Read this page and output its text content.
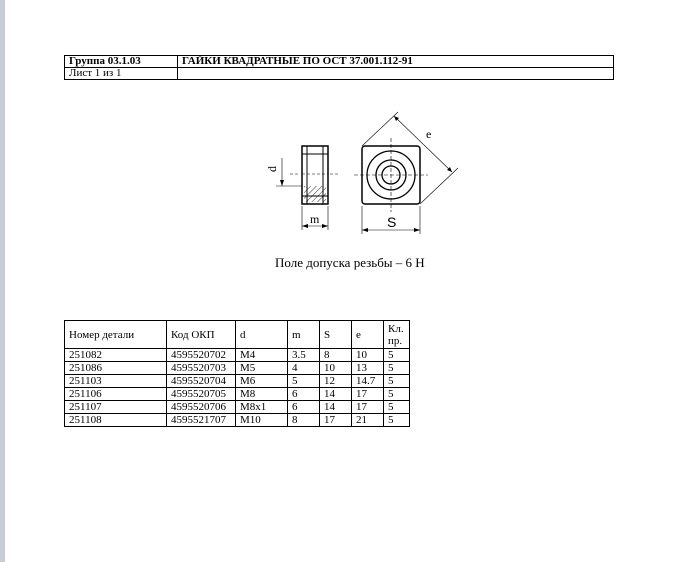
Группа 03.1.03	ГАЙКИ КВАДРАТНЫЕ ПО ОСТ 37.001.112-91
Лист 1 из 1	
d
m	S
e
Поле допуска резьбы – 6 Н
Номер детали	Код ОКП	d	m	S	e	Кл. пр.
251082	4595520702	M4	3.5	8	10	5
251086	4595520703	M5	4	10	13	5
251103	4595520704	M6	5	12	14.7	5
251106	4595520705	M8	6	14	17	5
251107	4595520706	M8x1	6	14	17	5
251108	4595521707	M10	8	17	21	5
